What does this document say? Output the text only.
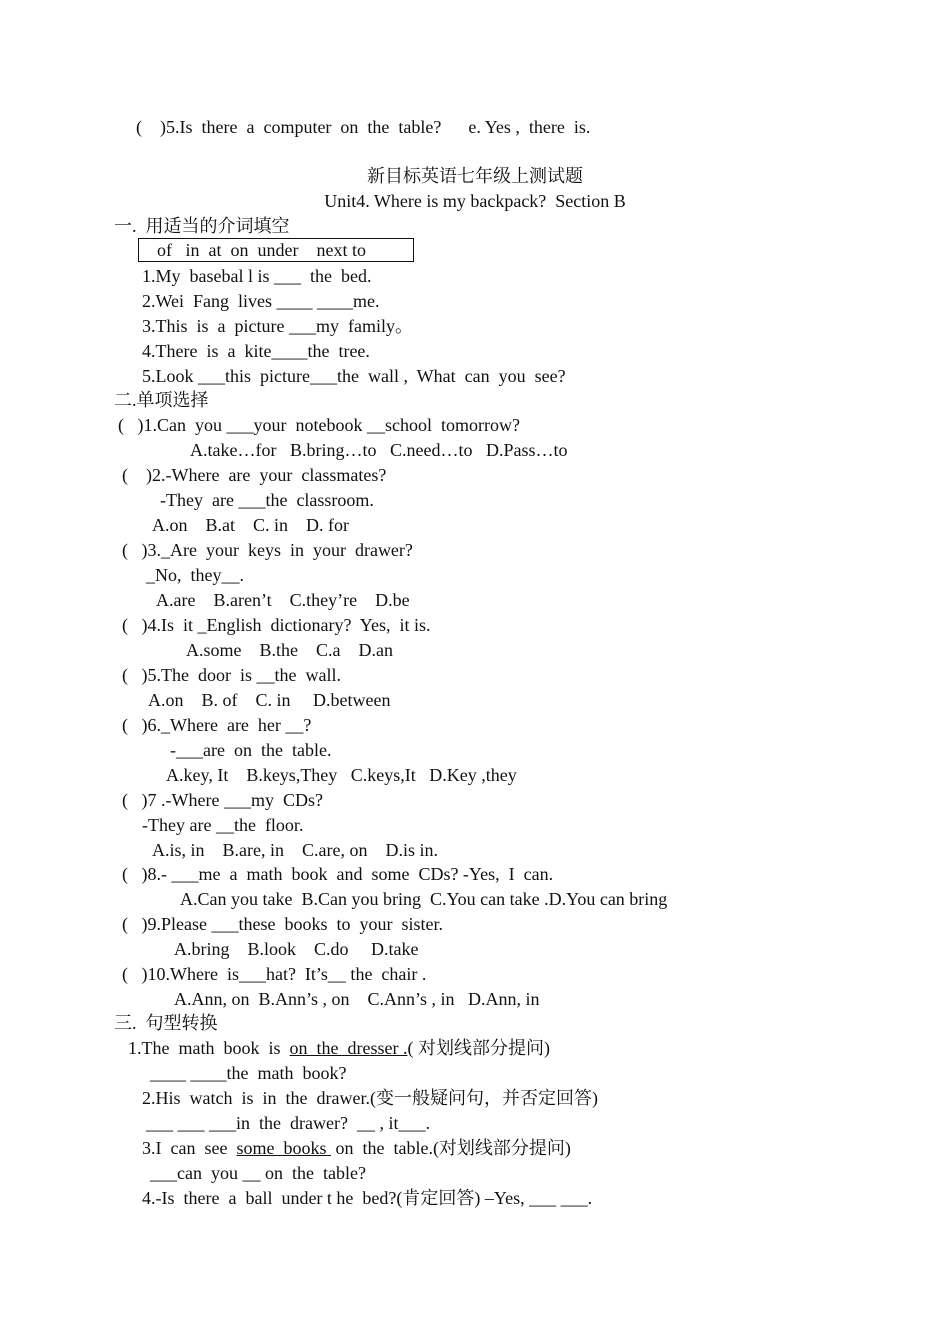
(    )5.Is  there  a  computer  on  the  table?      e. Yes ,  there  is.
新目标英语七年级上测试题
Unit4. Where is my backpack?  Section B
一.  用适当的介词填空
of   in  at  on  under    next to
1.My  basebal l is ___  the  bed.
2.Wei  Fang  lives ____ ____me.
3.This  is  a  picture ___my  family。
4.There  is  a  kite____the  tree.
5.Look ___this  picture___the  wall ,  What  can  you  see?
二.单项选择
(   )1.Can  you ___your  notebook __school  tomorrow?
A.take…for   B.bring…to   C.need…to   D.Pass…to
(    )2.-Where  are  your  classmates?
-They  are ___the  classroom.
A.on    B.at    C. in    D. for
(   )3._Are  your  keys  in  your  drawer?
_No,  they__.
A.are    B.aren’t    C.they’re    D.be
(   )4.Is  it _English  dictionary?  Yes,  it is.
A.some    B.the    C.a    D.an
(   )5.The  door  is __the  wall.
A.on    B. of    C. in     D.between
(   )6._Where  are  her __?
-___are  on  the  table.
A.key, It    B.keys,They   C.keys,It   D.Key ,they
(   )7 .-Where ___my  CDs?
-They are __the  floor.
A.is, in    B.are, in    C.are, on    D.is in.
(   )8.- ___me  a  math  book  and  some  CDs? -Yes,  I  can.
A.Can you take  B.Can you bring  C.You can take .D.You can bring
(   )9.Please ___these  books  to  your  sister.
A.bring    B.look    C.do     D.take
(   )10.Where  is___hat?  It’s__ the  chair .
A.Ann, on  B.Ann’s , on    C.Ann’s , in   D.Ann, in
三.  句型转换
1.The  math  book  is  on  the  dresser .( 对划线部分提问)
____ ____the  math  book?
2.His  watch  is  in  the  drawer.(变一般疑问句，并否定回答)
___ ___ ___in  the  drawer?  __ , it___.
3.I  can  see  some  books  on  the  table.(对划线部分提问)
___can  you __ on  the  table?
4.-Is  there  a  ball  under t he  bed?(肯定回答) –Yes, ___ ___.
